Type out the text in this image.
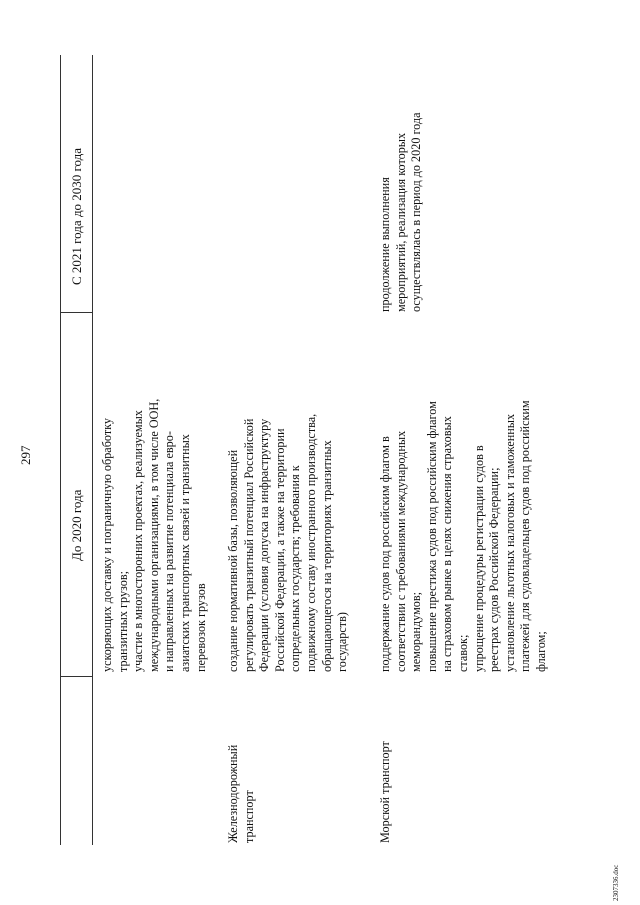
297
До 2020 года
С 2021 года до 2030 года
ускоряющих доставку и пограничную обработку транзитных грузов; участие в многосторонних проектах, реализуемых международными организациями, в том числе ООН, и направленных на развитие потенциала евро- азиатских транспортных связей и транзитных перевозок грузов
Железнодорожный транспорт
создание нормативной базы, позволяющей регулировать транзитный потенциал Российской Федерации (условия допуска на инфраструктуру Российской Федерации, а также на территории сопредельных государств; требования к подвижному составу иностранного производства, обращающегося на территориях транзитных государств)
Морской транспорт
поддержание судов под российским флагом в соответствии с требованиями международных меморандумов; повышение престижа судов под российским флагом на страховом рынке в целях снижения страховых ставок; упрощение процедуры регистрации судов в реестрах судов Российской Федерации; установление льготных налоговых и таможенных платежей для судовладельцев судов под российским флагом;
продолжение выполнения мероприятий, реализация которых осуществлялась в период до 2020 года
2307336.doc
